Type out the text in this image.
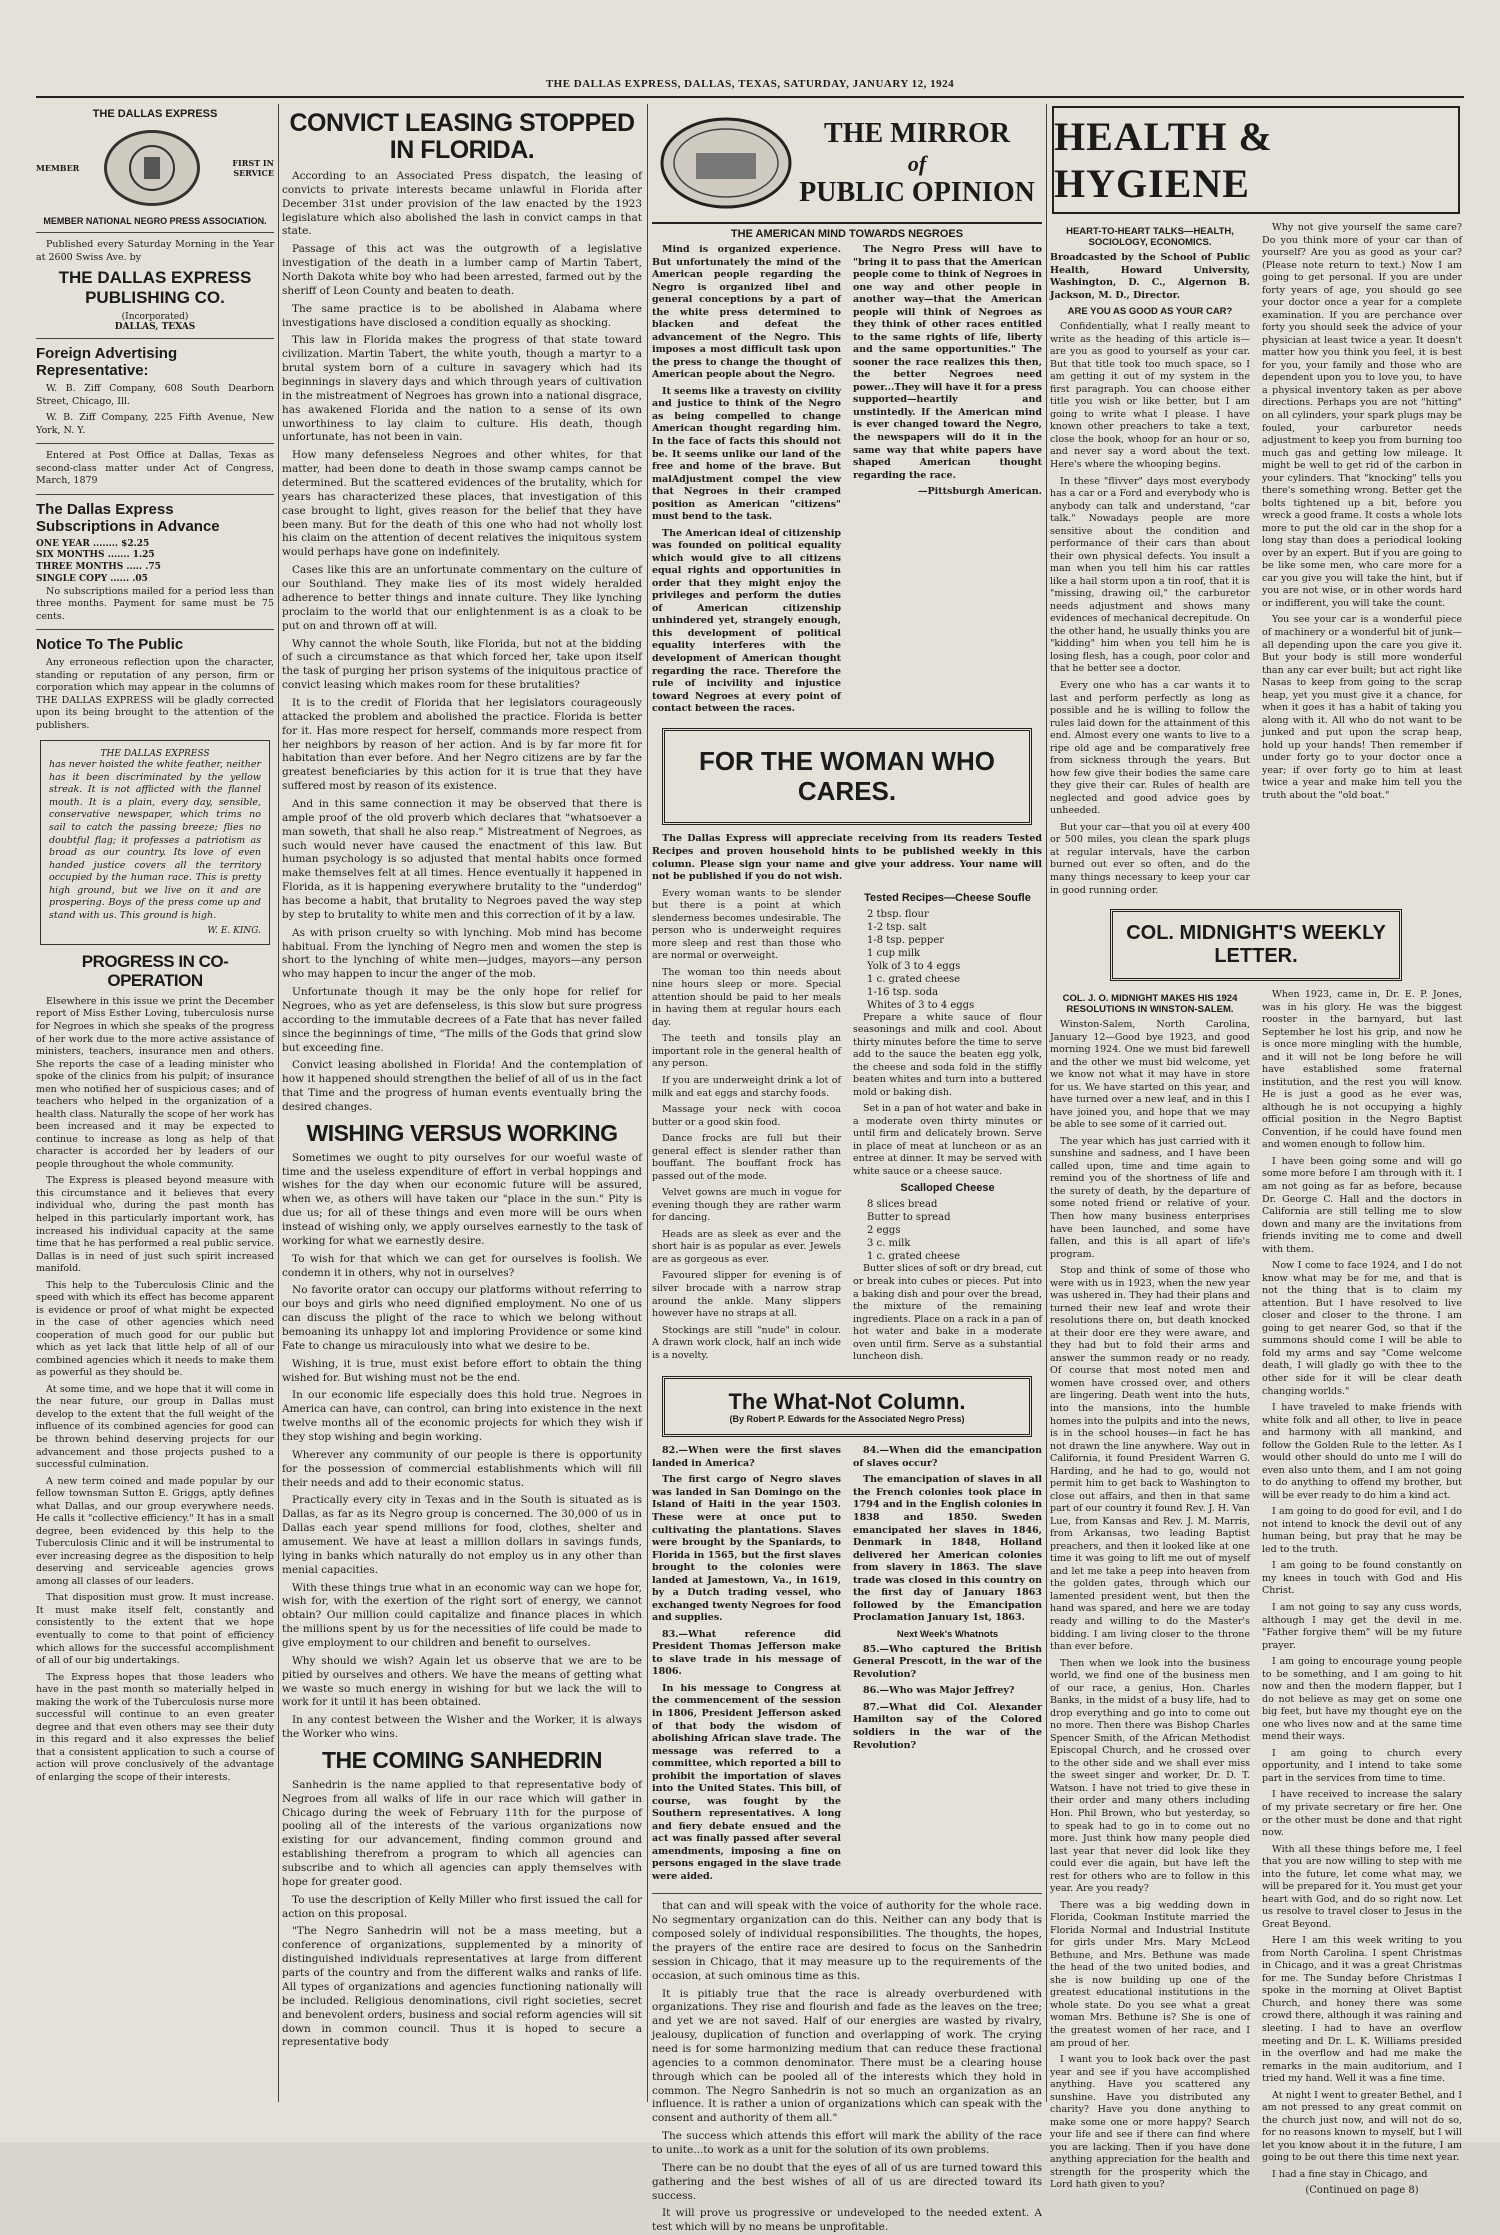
THE DALLAS EXPRESS, DALLAS, TEXAS, SATURDAY, JANUARY 12, 1924
THE DALLAS EXPRESS
MEMBER	FIRST IN SERVICE
MEMBER NATIONAL NEGRO PRESS ASSOCIATION.

Published every Saturday Morning in the Year at 2600 Swiss Ave. by

THE DALLAS EXPRESS PUBLISHING CO.
(Incorporated)
DALLAS, TEXAS
Foreign Advertising Representative:

W. B. Ziff Company, 608 South Dearborn Street, Chicago, Ill.

W. B. Ziff Company, 225 Fifth Avenue, New York, N. Y.

Entered at Post Office at Dallas, Texas as second-class matter under Act of Congress, March, 1879

The Dallas Express Subscriptions in Advance
ONE YEAR ........ $2.25
SIX MONTHS ....... 1.25
THREE MONTHS ..... .75
SINGLE COPY ...... .05

No subscriptions mailed for a period less than three months. Payment for same must be 75 cents.

Notice To The Public

Any erroneous reflection upon the character, standing or reputation of any person, firm or corporation which may appear in the columns of THE DALLAS EXPRESS will be gladly corrected upon its being brought to the attention of the publishers.

THE DALLAS EXPRESS

has never hoisted the white feather, neither has it been discriminated by the yellow streak. It is not afflicted with the flannel mouth. It is a plain, every day, sensible, conservative newspaper, which trims no sail to catch the passing breeze; flies no doubtful flag; it professes a patriotism as broad as our country. Its love of even handed justice covers all the territory occupied by the human race. This is pretty high ground, but we live on it and are prospering. Boys of the press come up and stand with us. This ground is high.

W. E. KING.
PROGRESS IN CO-OPERATION

Elsewhere in this issue we print the December report of Miss Esther Loving, tuberculosis nurse for Negroes in which she speaks of the progress of her work due to the more active assistance of ministers, teachers, insurance men and others. She reports the case of a leading minister who spoke of the clinics from his pulpit; of insurance men who notified her of suspicious cases; and of teachers who helped in the organization of a health class. Naturally the scope of her work has been increased and it may be expected to continue to increase as long as help of that character is accorded her by leaders of our people throughout the whole community.

The Express is pleased beyond measure with this circumstance and it believes that every individual who, during the past month has helped in this particularly important work, has increased his individual capacity at the same time that he has performed a real public service. Dallas is in need of just such spirit increased manifold.

This help to the Tuberculosis Clinic and the speed with which its effect has become apparent is evidence or proof of what might be expected in the case of other agencies which need cooperation of much good for our public but which as yet lack that little help of all of our combined agencies which it needs to make them as powerful as they should be.

At some time, and we hope that it will come in the near future, our group in Dallas must develop to the extent that the full weight of the influence of its combined agencies for good can be thrown behind deserving projects for our advancement and those projects pushed to a successful culmination.

A new term coined and made popular by our fellow townsman Sutton E. Griggs, aptly defines what Dallas, and our group everywhere needs. He calls it "collective efficiency." It has in a small degree, been evidenced by this help to the Tuberculosis Clinic and it will be instrumental to ever increasing degree as the disposition to help deserving and serviceable agencies grows among all classes of our leaders.

That disposition must grow. It must increase. It must make itself felt, constantly and consistently to the extent that we hope eventually to come to that point of efficiency which allows for the successful accomplishment of all of our big undertakings.

The Express hopes that those leaders who have in the past month so materially helped in making the work of the Tuberculosis nurse more successful will continue to an even greater degree and that even others may see their duty in this regard and it also expresses the belief that a consistent application to such a course of action will prove conclusively of the advantage of enlarging the scope of their interests.

CONVICT LEASING STOPPED IN FLORIDA.

According to an Associated Press dispatch, the leasing of convicts to private interests became unlawful in Florida after December 31st under provision of the law enacted by the 1923 legislature which also abolished the lash in convict camps in that state.

Passage of this act was the outgrowth of a legislative investigation of the death in a lumber camp of Martin Tabert, North Dakota white boy who had been arrested, farmed out by the sheriff of Leon County and beaten to death.

The same practice is to be abolished in Alabama where investigations have disclosed a condition equally as shocking.

This law in Florida makes the progress of that state toward civilization. Martin Tabert, the white youth, though a martyr to a brutal system born of a culture in savagery which had its beginnings in slavery days and which through years of cultivation in the mistreatment of Negroes has grown into a national disgrace, has awakened Florida and the nation to a sense of its own unworthiness to lay claim to culture. His death, though unfortunate, has not been in vain.

How many defenseless Negroes and other whites, for that matter, had been done to death in those swamp camps cannot be determined. But the scattered evidences of the brutality, which for years has characterized these places, that investigation of this case brought to light, gives reason for the belief that they have been many. But for the death of this one who had not wholly lost his claim on the attention of decent relatives the iniquitous system would perhaps have gone on indefinitely.

Cases like this are an unfortunate commentary on the culture of our Southland. They make lies of its most widely heralded adherence to better things and innate culture. They like lynching proclaim to the world that our enlightenment is as a cloak to be put on and thrown off at will.

Why cannot the whole South, like Florida, but not at the bidding of such a circumstance as that which forced her, take upon itself the task of purging her prison systems of the iniquitous practice of convict leasing which makes room for these brutalities?

It is to the credit of Florida that her legislators courageously attacked the problem and abolished the practice. Florida is better for it. Has more respect for herself, commands more respect from her neighbors by reason of her action. And is by far more fit for habitation than ever before. And her Negro citizens are by far the greatest beneficiaries by this action for it is true that they have suffered most by reason of its existence.

And in this same connection it may be observed that there is ample proof of the old proverb which declares that "whatsoever a man soweth, that shall he also reap." Mistreatment of Negroes, as such would never have caused the enactment of this law. But human psychology is so adjusted that mental habits once formed make themselves felt at all times. Hence eventually it happened in Florida, as it is happening everywhere brutality to the "underdog" has become a habit, that brutality to Negroes paved the way step by step to brutality to white men and this correction of it by a law.

As with prison cruelty so with lynching. Mob mind has become habitual. From the lynching of Negro men and women the step is short to the lynching of white men—judges, mayors—any person who may happen to incur the anger of the mob.

Unfortunate though it may be the only hope for relief for Negroes, who as yet are defenseless, is this slow but sure progress according to the immutable decrees of a Fate that has never failed since the beginnings of time, "The mills of the Gods that grind slow but exceeding fine.

Convict leasing abolished in Florida! And the contemplation of how it happened should strengthen the belief of all of us in the fact that Time and the progress of human events eventually bring the desired changes.

WISHING VERSUS WORKING

Sometimes we ought to pity ourselves for our woeful waste of time and the useless expenditure of effort in verbal hoppings and wishes for the day when our economic future will be assured, when we, as others will have taken our "place in the sun." Pity is due us; for all of these things and even more will be ours when instead of wishing only, we apply ourselves earnestly to the task of working for what we earnestly desire.

To wish for that which we can get for ourselves is foolish. We condemn it in others, why not in ourselves?

No favorite orator can occupy our platforms without referring to our boys and girls who need dignified employment. No one of us can discuss the plight of the race to which we belong without bemoaning its unhappy lot and imploring Providence or some kind Fate to change us miraculously into what we desire to be.

Wishing, it is true, must exist before effort to obtain the thing wished for. But wishing must not be the end.

In our economic life especially does this hold true. Negroes in America can have, can control, can bring into existence in the next twelve months all of the economic projects for which they wish if they stop wishing and begin working.

Wherever any community of our people is there is opportunity for the possession of commercial establishments which will fill their needs and add to their economic status.

Practically every city in Texas and in the South is situated as is Dallas, as far as its Negro group is concerned. The 30,000 of us in Dallas each year spend millions for food, clothes, shelter and amusement. We have at least a million dollars in savings funds, lying in banks which naturally do not employ us in any other than menial capacities.

With these things true what in an economic way can we hope for, wish for, with the exertion of the right sort of energy, we cannot obtain? Our million could capitalize and finance places in which the millions spent by us for the necessities of life could be made to give employment to our children and benefit to ourselves.

Why should we wish? Again let us observe that we are to be pitied by ourselves and others. We have the means of getting what we waste so much energy in wishing for but we lack the will to work for it until it has been obtained.

In any contest between the Wisher and the Worker, it is always the Worker who wins.

THE COMING SANHEDRIN

Sanhedrin is the name applied to that representative body of Negroes from all walks of life in our race which will gather in Chicago during the week of February 11th for the purpose of pooling all of the interests of the various organizations now existing for our advancement, finding common ground and establishing therefrom a program to which all agencies can subscribe and to which all agencies can apply themselves with hope for greater good.

To use the description of Kelly Miller who first issued the call for action on this proposal.

"The Negro Sanhedrin will not be a mass meeting, but a conference of organizations, supplemented by a minority of distinguished individuals representatives at large from different parts of the country and from the different walks and ranks of life. All types of organizations and agencies functioning nationally will be included. Religious denominations, civil right societies, secret and benevolent orders, business and social reform agencies will sit down in common council. Thus it is hoped to secure a representative body

THE MIRROR
of
PUBLIC OPINION
THE AMERICAN MIND TOWARDS NEGROES

Mind is organized experience. But unfortunately the mind of the American people regarding the Negro is organized libel and general conceptions by a part of the white press determined to blacken and defeat the advancement of the Negro. This imposes a most difficult task upon the press to change the thought of American people about the Negro.

It seems like a travesty on civility and justice to think of the Negro as being compelled to change American thought regarding him. In the face of facts this should not be. It seems unlike our land of the free and home of the brave. But malAdjustment compel the view that Negroes in their cramped position as American "citizens" must bend to the task.

The American ideal of citizenship was founded on political equality which would give to all citizens equal rights and opportunities in order that they might enjoy the privileges and perform the duties of American citizenship unhindered yet, strangely enough, this development of political equality interferes with the development of American thought regarding the race. Therefore the rule of incivility and injustice toward Negroes at every point of contact between the races.

The Negro Press will have to "bring it to pass that the American people come to think of Negroes in one way and other people in another way—that the American people will think of Negroes as they think of other races entitled to the same rights of life, liberty and the same opportunities." The sooner the race realizes this then, the better Negroes need power...They will have it for a press supported—heartily and unstintedly. If the American mind is ever changed toward the Negro, the newspapers will do it in the same way that white papers have shaped American thought regarding the race.

—Pittsburgh American.
FOR THE WOMAN WHO CARES.

The Dallas Express will appreciate receiving from its readers Tested Recipes and proven household hints to be published weekly in this column. Please sign your name and give your address. Your name will not be published if you do not wish.

Every woman wants to be slender but there is a point at which slenderness becomes undesirable. The person who is underweight requires more sleep and rest than those who are normal or overweight.

The woman too thin needs about nine hours sleep or more. Special attention should be paid to her meals in having them at regular hours each day.

The teeth and tonsils play an important role in the general health of any person.

If you are underweight drink a lot of milk and eat eggs and starchy foods.

Massage your neck with cocoa butter or a good skin food.

Dance frocks are full but their general effect is slender rather than bouffant. The bouffant frock has passed out of the mode.

Velvet gowns are much in vogue for evening though they are rather warm for dancing.

Heads are as sleek as ever and the short hair is as popular as ever. Jewels are as gorgeous as ever.

Favoured slipper for evening is of silver brocade with a narrow strap around the ankle. Many slippers however have no straps at all.

Stockings are still "nude" in colour. A drawn work clock, half an inch wide is a novelty.

Tested Recipes—Cheese Soufle
2 tbsp. flour
1-2 tsp. salt
1-8 tsp. pepper
1 cup milk
Yolk of 3 to 4 eggs
1 c. grated cheese
1-16 tsp. soda
Whites of 3 to 4 eggs

Prepare a white sauce of flour seasonings and milk and cool. About thirty minutes before the time to serve add to the sauce the beaten egg yolk, the cheese and soda fold in the stiffly beaten whites and turn into a buttered mold or baking dish.

Set in a pan of hot water and bake in a moderate oven thirty minutes or until firm and delicately brown. Serve in place of meat at luncheon or as an entree at dinner. It may be served with white sauce or a cheese sauce.

Scalloped Cheese
8 slices bread
Butter to spread
2 eggs
3 c. milk
1 c. grated cheese

Butter slices of soft or dry bread, cut or break into cubes or pieces. Put into a baking dish and pour over the bread, the mixture of the remaining ingredients. Place on a rack in a pan of hot water and bake in a moderate oven until firm. Serve as a substantial luncheon dish.

The What-Not Column.
(By Robert P. Edwards for the Associated Negro Press)

82.—When were the first slaves landed in America?

The first cargo of Negro slaves was landed in San Domingo on the Island of Haiti in the year 1503. These were at once put to cultivating the plantations. Slaves were brought by the Spaniards, to Florida in 1565, but the first slaves brought to the colonies were landed at Jamestown, Va., in 1619, by a Dutch trading vessel, who exchanged twenty Negroes for food and supplies.

83.—What reference did President Thomas Jefferson make to slave trade in his message of 1806.

In his message to Congress at the commencement of the session in 1806, President Jefferson asked of that body the wisdom of abolishing African slave trade. The message was referred to a committee, which reported a bill to prohibit the importation of slaves into the United States. This bill, of course, was fought by the Southern representatives. A long and fiery debate ensued and the act was finally passed after several amendments, imposing a fine on persons engaged in the slave trade were aided.

84.—When did the emancipation of slaves occur?

The emancipation of slaves in all the French colonies took place in 1794 and in the English colonies in 1838 and 1850. Sweden emancipated her slaves in 1846, Denmark in 1848, Holland delivered her American colonies from slavery in 1863. The slave trade was closed in this country on the first day of January 1863 followed by the Emancipation Proclamation January 1st, 1863.

Next Week's Whatnots

85.—Who captured the British General Prescott, in the war of the Revolution?

86.—Who was Major Jeffrey?

87.—What did Col. Alexander Hamilton say of the Colored soldiers in the war of the Revolution?

that can and will speak with the voice of authority for the whole race. No segmentary organization can do this. Neither can any body that is composed solely of individual responsibilities. The thoughts, the hopes, the prayers of the entire race are desired to focus on the Sanhedrin session in Chicago, that it may measure up to the requirements of the occasion, at such ominous time as this.

It is pitiably true that the race is already overburdened with organizations. They rise and flourish and fade as the leaves on the tree; and yet we are not saved. Half of our energies are wasted by rivalry, jealousy, duplication of function and overlapping of work. The crying need is for some harmonizing medium that can reduce these fractional agencies to a common denominator. There must be a clearing house through which can be pooled all of the interests which they hold in common. The Negro Sanhedrin is not so much an organization as an influence. It is rather a union of organizations which can speak with the consent and authority of them all."

The success which attends this effort will mark the ability of the race to unite...to work as a unit for the solution of its own problems.

There can be no doubt that the eyes of all of us are turned toward this gathering and the best wishes of all of us are directed toward its success.

It will prove us progressive or undeveloped to the needed extent. A test which will by no means be unprofitable.

HEALTH & HYGIENE
HEART-TO-HEART TALKS—HEALTH, SOCIOLOGY, ECONOMICS.

Broadcasted by the School of Public Health, Howard University, Washington, D. C., Algernon B. Jackson, M. D., Director.

ARE YOU AS GOOD AS YOUR CAR?

Confidentially, what I really meant to write as the heading of this article is—are you as good to yourself as your car. But that title took too much space, so I am getting it out of my system in the first paragraph. You can choose either title you wish or like better, but I am going to write what I please. I have known other preachers to take a text, close the book, whoop for an hour or so, and never say a word about the text. Here's where the whooping begins.

In these "flivver" days most everybody has a car or a Ford and everybody who is anybody can talk and understand, "car talk." Nowadays people are more sensitive about the condition and performance of their cars than about their own physical defects. You insult a man when you tell him his car rattles like a hail storm upon a tin roof, that it is "missing, drawing oil," the carburetor needs adjustment and shows many evidences of mechanical decrepitude. On the other hand, he usually thinks you are "kidding" him when you tell him he is losing flesh, has a cough, poor color and that he better see a doctor.

Every one who has a car wants it to last and perform perfectly as long as possible and he is willing to follow the rules laid down for the attainment of this end. Almost every one wants to live to a ripe old age and be comparatively free from sickness through the years. But how few give their bodies the same care they give their car. Rules of health are neglected and good advice goes by unheeded.

But your car—that you oil at every 400 or 500 miles, you clean the spark plugs at regular intervals, have the carbon burned out ever so often, and do the many things necessary to keep your car in good running order.

Why not give yourself the same care? Do you think more of your car than of yourself? Are you as good as your car? (Please note return to text.) Now I am going to get personal. If you are under forty years of age, you should go see your doctor once a year for a complete examination. If you are perchance over forty you should seek the advice of your physician at least twice a year. It doesn't matter how you think you feel, it is best for you, your family and those who are dependent upon you to love you, to have a physical inventory taken as per above directions. Perhaps you are not "hitting" on all cylinders, your spark plugs may be fouled, your carburetor needs adjustment to keep you from burning too much gas and getting low mileage. It might be well to get rid of the carbon in your cylinders. That "knocking" tells you there's something wrong. Better get the bolts tightened up a bit, before you wreck a good frame. It costs a whole lots more to put the old car in the shop for a long stay than does a periodical looking over by an expert. But if you are going to be like some men, who care more for a car you give you will take the hint, but if you are not wise, or in other words hard or indifferent, you will take the count.

You see your car is a wonderful piece of machinery or a wonderful bit of junk—all depending upon the care you give it. But your body is still more wonderful than any car ever built; but act right like Nasas to keep from going to the scrap heap, yet you must give it a chance, for when it goes it has a habit of taking you along with it. All who do not want to be junked and put upon the scrap heap, hold up your hands! Then remember if under forty go to your doctor once a year; if over forty go to him at least twice a year and make him tell you the truth about the "old boat."

COL. MIDNIGHT'S WEEKLY LETTER.
COL. J. O. MIDNIGHT MAKES HIS 1924 RESOLUTIONS IN WINSTON-SALEM.

Winston-Salem, North Carolina, January 12—Good bye 1923, and good morning 1924. One we must bid farewell and the other we must bid welcome, yet we know not what it may have in store for us. We have started on this year, and have turned over a new leaf, and in this I have joined you, and hope that we may be able to see some of it carried out.

The year which has just carried with it sunshine and sadness, and I have been called upon, time and time again to remind you of the shortness of life and the surety of death, by the departure of some noted friend or relative of your. Then how many business enterprises have been launched, and some have fallen, and this is all apart of life's program.

Stop and think of some of those who were with us in 1923, when the new year was ushered in. They had their plans and turned their new leaf and wrote their resolutions there on, but death knocked at their door ere they were aware, and they had but to fold their arms and answer the summon ready or no ready. Of course that most noted men and women have crossed over, and others are lingering. Death went into the huts, into the mansions, into the humble homes into the pulpits and into the news, is in the school houses—in fact he has not drawn the line anywhere. Way out in California, it found President Warren G. Harding, and he had to go, would not permit him to get back to Washington to close out affairs, and then in that same part of our country it found Rev. J. H. Van Lue, from Kansas and Rev. J. M. Marris, from Arkansas, two leading Baptist preachers, and then it looked like at one time it was going to lift me out of myself and let me take a peep into heaven from the golden gates, through which our lamented president went, but then the hand was spared, and here we are today ready and willing to do the Master's bidding. I am living closer to the throne than ever before.

Then when we look into the business world, we find one of the business men of our race, a genius, Hon. Charles Banks, in the midst of a busy life, had to drop everything and go into to come out no more. Then there was Bishop Charles Spencer Smith, of the African Methodist Episcopal Church, and he crossed over to the other side and we shall ever miss the sweet singer and worker, Dr. D. T. Watson. I have not tried to give these in their order and many others including Hon. Phil Brown, who but yesterday, so to speak had to go in to come out no more. Just think how many people died last year that never did look like they could ever die again, but have left the rest for others who are to follow in this year. Are you ready?

There was a big wedding down in Florida, Cookman Institute married the Florida Normal and Industrial Institute for girls under Mrs. Mary McLeod Bethune, and Mrs. Bethune was made the head of the two united bodies, and she is now building up one of the greatest educational institutions in the whole state. Do you see what a great woman Mrs. Bethune is? She is one of the greatest women of her race, and I am proud of her.

I want you to look back over the past year and see if you have accomplished anything. Have you scattered any sunshine. Have you distributed any charity? Have you done anything to make some one or more happy? Search your life and see if there can find where you are lacking. Then if you have done anything appreciation for the health and strength for the prosperity which the Lord hath given to you?

When 1923, came in, Dr. E. P. Jones, was in his glory. He was the biggest rooster in the barnyard, but last September he lost his grip, and now he is once more mingling with the humble, and it will not be long before he will have established some fraternal institution, and the rest you will know. He is just a good as he ever was, although he is not occupying a highly official position in the Negro Baptist Convention, if he could have found men and women enough to follow him.

I have been going some and will go some more before I am through with it. I am not going as far as before, because Dr. George C. Hall and the doctors in California are still telling me to slow down and many are the invitations from friends inviting me to come and dwell with them.

Now I come to face 1924, and I do not know what may be for me, and that is not the thing that is to claim my attention. But I have resolved to live closer and closer to the throne. I am going to get nearer God, so that if the summons should come I will be able to fold my arms and say "Come welcome death, I will gladly go with thee to the other side for it will be clear death changing worlds."

I have traveled to make friends with white folk and all other, to live in peace and harmony with all mankind, and follow the Golden Rule to the letter. As I would other should do unto me I will do even also unto them, and I am not going to do anything to offend my brother, but will be ever ready to do him a kind act.

I am going to do good for evil, and I do not intend to knock the devil out of any human being, but pray that he may be led to the truth.

I am going to be found constantly on my knees in touch with God and His Christ.

I am not going to say any cuss words, although I may get the devil in me. "Father forgive them" will be my future prayer.

I am going to encourage young people to be something, and I am going to hit now and then the modern flapper, but I do not believe as may get on some one big feet, but have my thought eye on the one who lives now and at the same time mend their ways.

I am going to church every opportunity, and I intend to take some part in the services from time to time.

I have received to increase the salary of my private secretary or fire her. One or the other must be done and that right now.

With all these things before me, I feel that you are now willing to step with me into the future, let come what may, we will be prepared for it. You must get your heart with God, and do so right now. Let us resolve to travel closer to Jesus in the Great Beyond.

Here I am this week writing to you from North Carolina. I spent Christmas in Chicago, and it was a great Christmas for me. The Sunday before Christmas I spoke in the morning at Olivet Baptist Church, and honey there was some crowd there, although it was raining and sleeting. I had to have an overflow meeting and Dr. L. K. Williams presided in the overflow and had me make the remarks in the main auditorium, and I tried my hand. Well it was a fine time.

At night I went to greater Bethel, and I am not pressed to any great commit on the church just now, and will not do so, for no reasons known to myself, but I will let you know about it in the future, I am going to be out there this time next year.

I had a fine stay in Chicago, and

(Continued on page 8)
